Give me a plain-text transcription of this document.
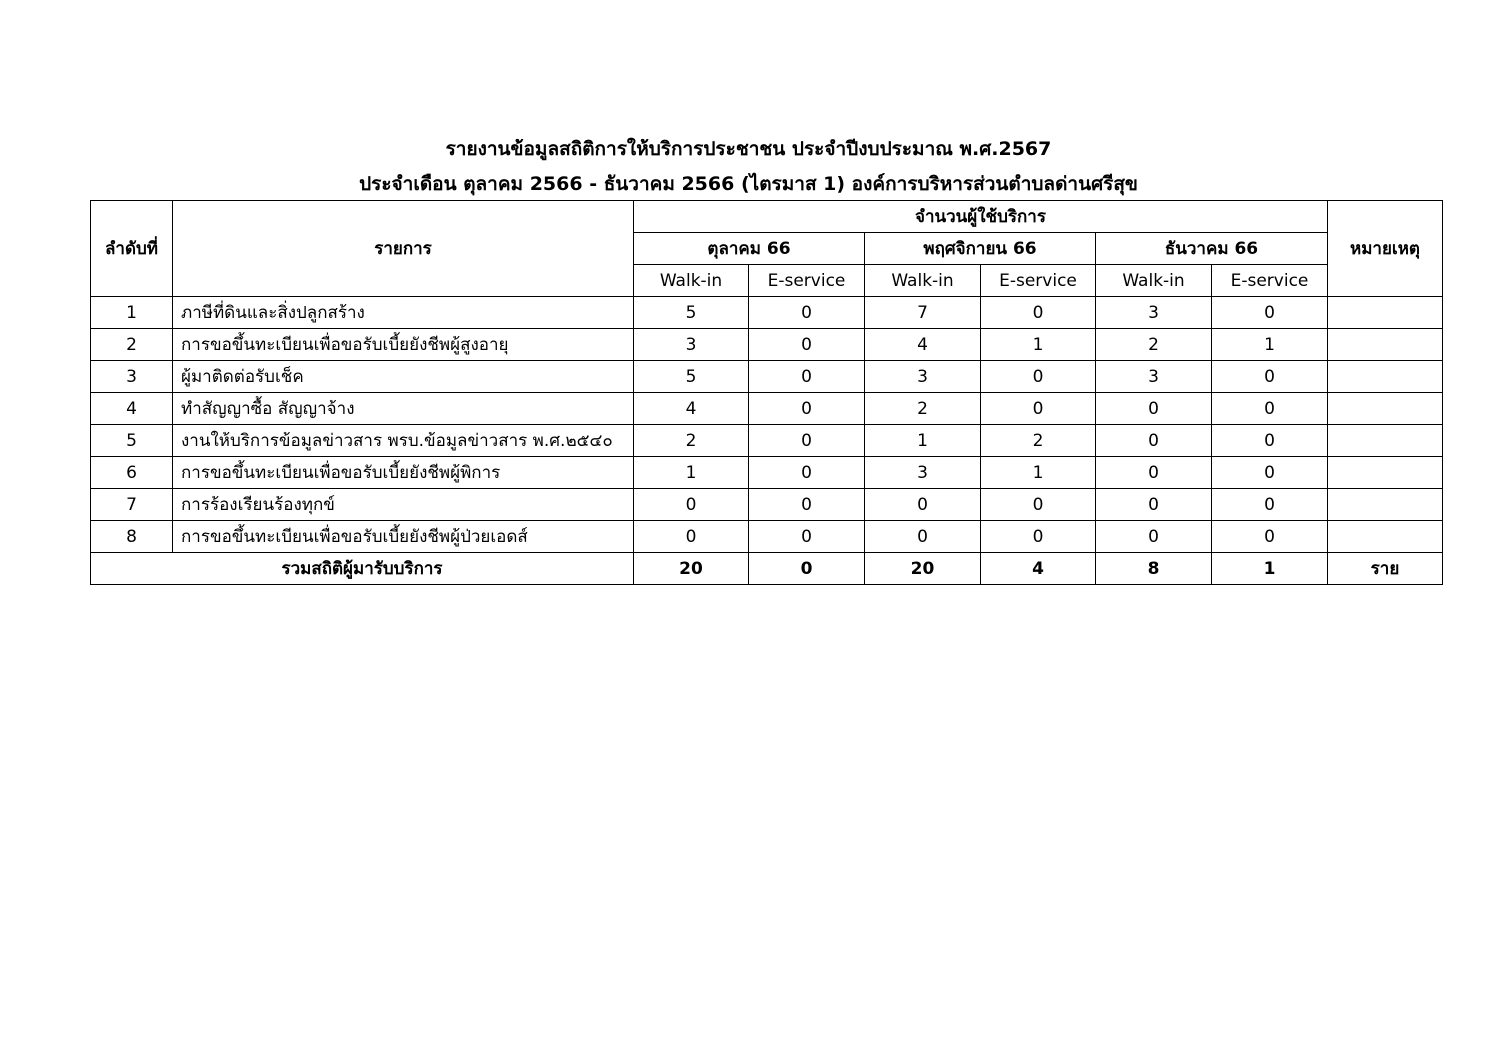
รายงานข้อมูลสถิติการให้บริการประชาชน ประจำปีงบประมาณ พ.ศ.2567
ประจำเดือน ตุลาคม 2566 - ธันวาคม 2566 (ไตรมาส 1) องค์การบริหารส่วนตำบลด่านศรีสุข
ลำดับที่	รายการ	จำนวนผู้ใช้บริการ						หมายเหตุ
		ตุลาคม 66		พฤศจิกายน 66		ธันวาคม 66		
		Walk-in	E-service	Walk-in	E-service	Walk-in	E-service	
1	ภาษีที่ดินและสิ่งปลูกสร้าง	5	0	7	0	3	0	
2	การขอขึ้นทะเบียนเพื่อขอรับเบี้ยยังชีพผู้สูงอายุ	3	0	4	1	2	1	
3	ผู้มาติดต่อรับเช็ค	5	0	3	0	3	0	
4	ทำสัญญาซื้อ สัญญาจ้าง	4	0	2	0	0	0	
5	งานให้บริการข้อมูลข่าวสาร พรบ.ข้อมูลข่าวสาร พ.ศ.๒๕๔๐	2	0	1	2	0	0	
6	การขอขึ้นทะเบียนเพื่อขอรับเบี้ยยังชีพผู้พิการ	1	0	3	1	0	0	
7	การร้องเรียนร้องทุกข์	0	0	0	0	0	0	
8	การขอขึ้นทะเบียนเพื่อขอรับเบี้ยยังชีพผู้ป่วยเอดส์	0	0	0	0	0	0	
รวมสถิติผู้มารับบริการ		20	0	20	4	8	1	ราย
